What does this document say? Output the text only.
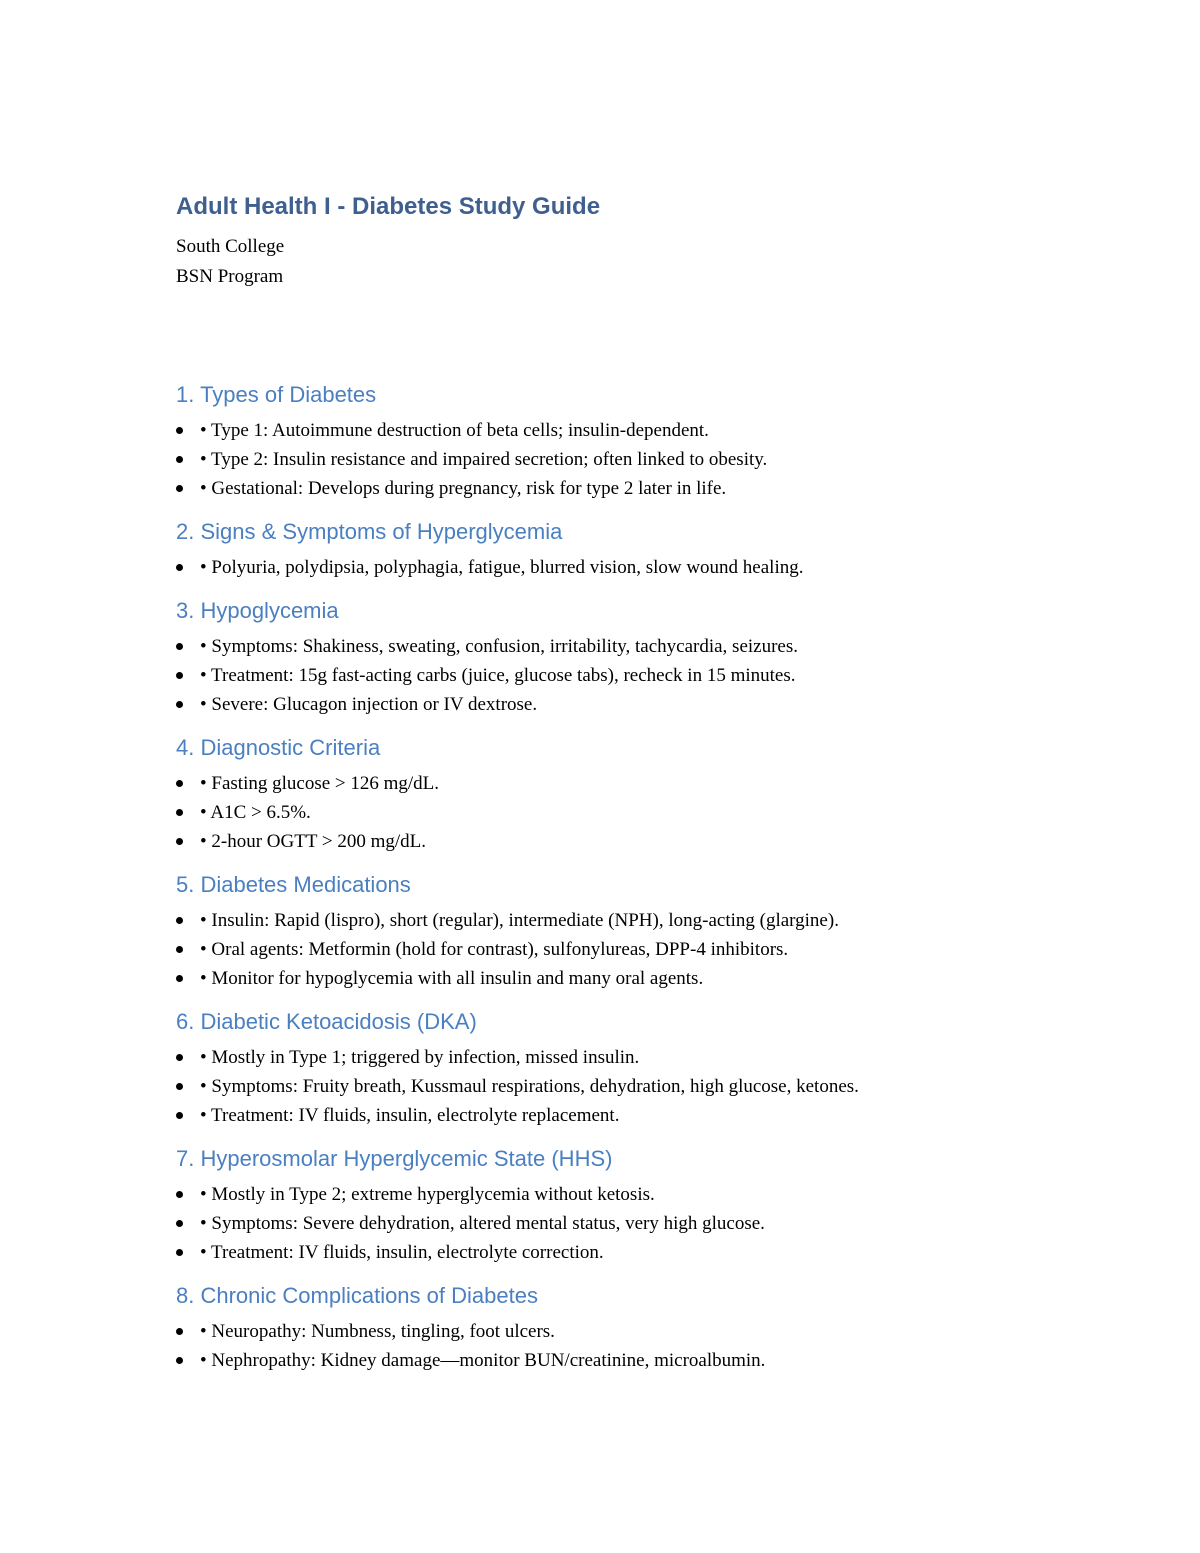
Adult Health I - Diabetes Study Guide

South College

BSN Program

1. Types of Diabetes
• Type 1: Autoimmune destruction of beta cells; insulin-dependent.
• Type 2: Insulin resistance and impaired secretion; often linked to obesity.
• Gestational: Develops during pregnancy, risk for type 2 later in life.
2. Signs & Symptoms of Hyperglycemia
• Polyuria, polydipsia, polyphagia, fatigue, blurred vision, slow wound healing.
3. Hypoglycemia
• Symptoms: Shakiness, sweating, confusion, irritability, tachycardia, seizures.
• Treatment: 15g fast-acting carbs (juice, glucose tabs), recheck in 15 minutes.
• Severe: Glucagon injection or IV dextrose.
4. Diagnostic Criteria
• Fasting glucose > 126 mg/dL.
• A1C > 6.5%.
• 2-hour OGTT > 200 mg/dL.
5. Diabetes Medications
• Insulin: Rapid (lispro), short (regular), intermediate (NPH), long-acting (glargine).
• Oral agents: Metformin (hold for contrast), sulfonylureas, DPP-4 inhibitors.
• Monitor for hypoglycemia with all insulin and many oral agents.
6. Diabetic Ketoacidosis (DKA)
• Mostly in Type 1; triggered by infection, missed insulin.
• Symptoms: Fruity breath, Kussmaul respirations, dehydration, high glucose, ketones.
• Treatment: IV fluids, insulin, electrolyte replacement.
7. Hyperosmolar Hyperglycemic State (HHS)
• Mostly in Type 2; extreme hyperglycemia without ketosis.
• Symptoms: Severe dehydration, altered mental status, very high glucose.
• Treatment: IV fluids, insulin, electrolyte correction.
8. Chronic Complications of Diabetes
• Neuropathy: Numbness, tingling, foot ulcers.
• Nephropathy: Kidney damage—monitor BUN/creatinine, microalbumin.
